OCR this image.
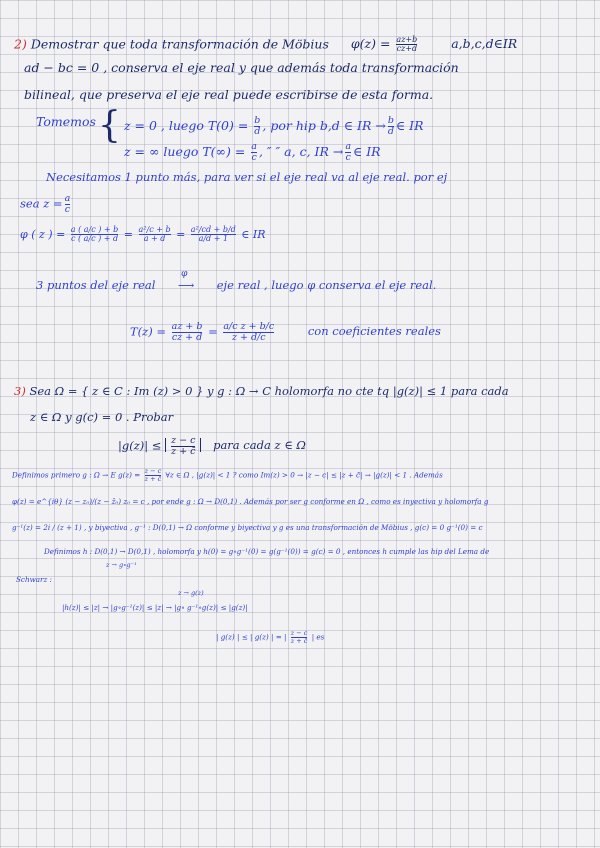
2) Demostrar que toda transformación de Möbius $\varphi(z) = \frac{az+b}{cz+d}$	a,b,c,d∈IR
ad − bc = 0 , conserva el eje real y que además toda transformación
bilineal, que preserva el eje real puede escribirse de esta forma.
Tomemos { z = 0 , luego $T(0) = \frac{b}{d}$ , por hip b,d ∈ IR → $\frac{b}{d}$ ∈ IR
z = ∞ luego $T(\infty) = \frac{a}{c}$ , ″ ″ a, c, IR → $\frac{a}{c}$ ∈ IR
Necesitamos 1 punto más, para ver si el eje real va al eje real. por ej
sea $z = \frac{a}{c}$
φ ( z ) = $\frac{a ( a/c ) + b}{c ( a/c ) + d} = \frac{\text{a²/c + b}}{a + d} = \frac{\text{a²/cd + b/d}}{a/d + 1}$ ∈ IR
3 puntos del eje real
φ
⟶ eje real , luego φ conserva el eje real.
$T(z) = \frac{az + b}{cz + d} = \frac{\text{a/c z + b/c}}{z + d/c}$	con coeficientes reales
3) Sea Ω = { z ∈ C : Im (z) > 0 } y g : Ω → C holomorfa no cte tq |g(z)| ≤ 1 para cada
z ∈ Ω y g(c) = 0 . Probar
$|g(z)| \le \frac{z - c}{z + c̄}$ para cada z ∈ Ω
Definimos primero g : Ω → E $g(z) = \frac{z - c}{z + c̄}$ ∀z ∈ Ω , |g(z)| < 1 ? como Im(z) > 0 → |z − c| ≤ |z + c̄| → |g(z)| < 1 . Además
φ(z) = e^{iθ} (z − z₀)/(z − z̄₀) z₀ = c , por ende g : Ω → D(0,1) . Además por ser g conforme en Ω , como es inyectiva y holomorfa g
g⁻¹(z) = 2i / (z + 1) , y biyectiva , g⁻¹ : D(0,1) → Ω conforme y biyectiva y g es una transformación de Möbius , g(c) = 0 g⁻¹(0) = c
Definimos h : D(0,1) → D(0,1) , holomorfa y h(0) = g∘g⁻¹(0) = g(g⁻¹(0)) = g(c) = 0 , entonces h cumple las hip del Lema de
z → g∘g⁻¹
Schwarz :
z → g(z)
|h(z)| ≤ |z| → |g∘g⁻¹(z)| ≤ |z| → |g∘ g⁻¹∘g(z)| ≤ |g(z)|
| g(z) | ≤ | g(z) | = | $\frac{z - c}{z + c̄}$ | es
